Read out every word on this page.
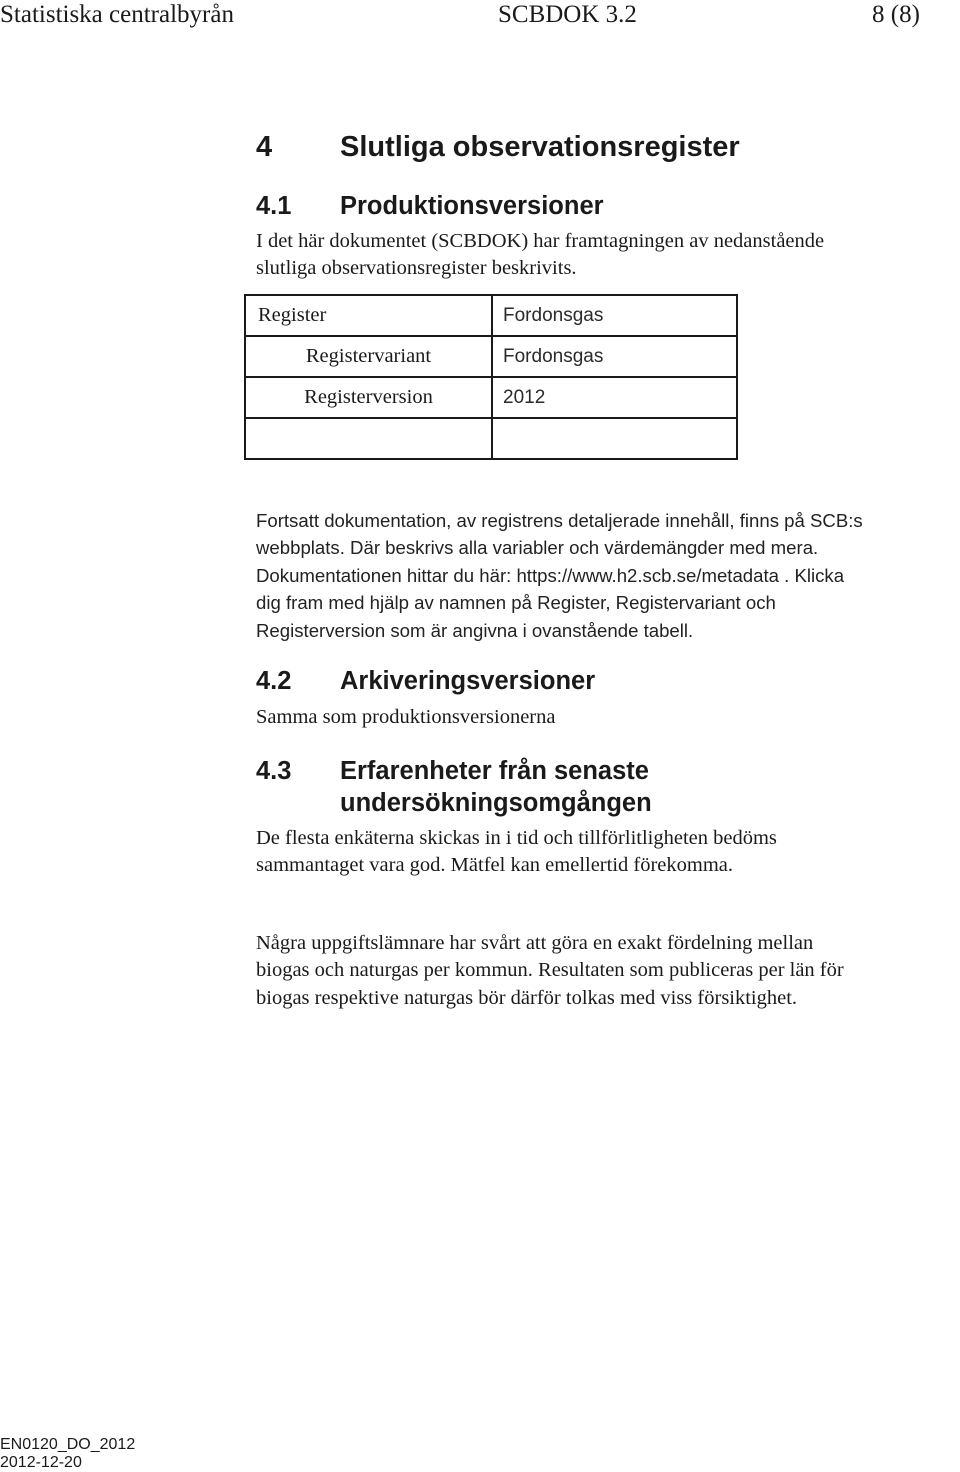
Statistiska centralbyrån	SCBDOK 3.2	8 (8)
4 Slutliga observationsregister
4.1 Produktionsversioner
I det här dokumentet (SCBDOK) har framtagningen av nedanstående
slutliga observationsregister beskrivits.
Register	Fordonsgas
Registervariant	Fordonsgas
Registerversion	2012

Fortsatt dokumentation, av registrens detaljerade innehåll, finns på SCB:s
webbplats. Där beskrivs alla variabler och värdemängder med mera.
Dokumentationen hittar du här: https://www.h2.scb.se/metadata . Klicka
dig fram med hjälp av namnen på Register, Registervariant och
Registerversion som är angivna i ovanstående tabell.
4.2 Arkiveringsversioner
Samma som produktionsversionerna
4.3 Erfarenheter från senaste
undersökningsomgången
De flesta enkäterna skickas in i tid och tillförlitligheten bedöms
sammantaget vara god. Mätfel kan emellertid förekomma.
Några uppgiftslämnare har svårt att göra en exakt fördelning mellan
biogas och naturgas per kommun. Resultaten som publiceras per län för
biogas respektive naturgas bör därför tolkas med viss försiktighet.
EN0120_DO_2012
2012-12-20
